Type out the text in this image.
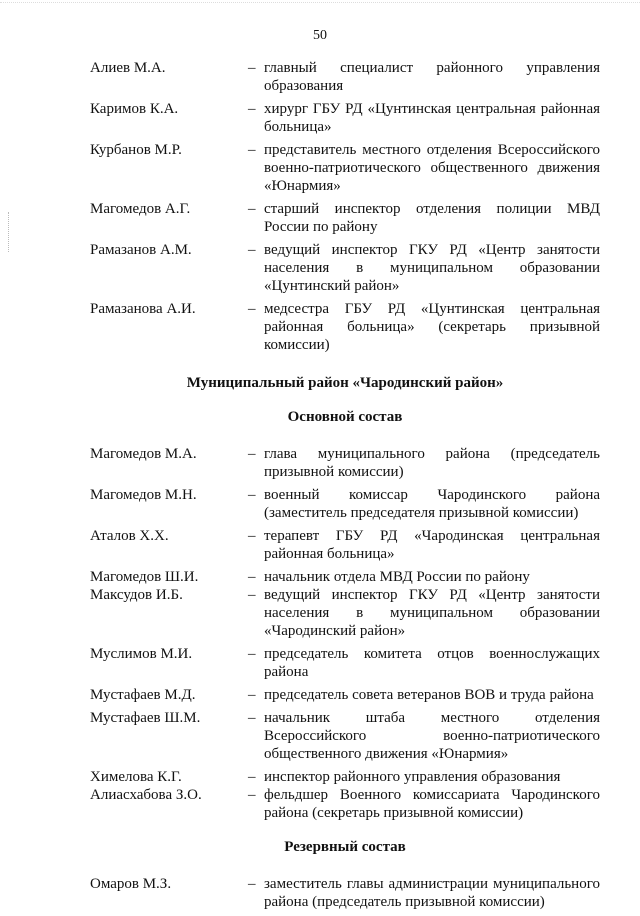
50
Алиев М.А.	– главный специалист районного управления образования
Каримов К.А.	– хирург ГБУ РД «Цунтинская центральная районная больница»
Курбанов М.Р.	– представитель местного отделения Всероссийского военно-патриотического общественного движения «Юнармия»
Магомедов А.Г.	– старший инспектор отделения полиции МВД России по району
Рамазанов А.М.	– ведущий инспектор ГКУ РД «Центр занятости населения в муниципальном образовании «Цунтинский район»
Рамазанова А.И.	– медсестра ГБУ РД «Цунтинская центральная районная больница» (секретарь призывной комиссии)
Муниципальный район «Чародинский район»
Основной состав
Магомедов М.А.	– глава муниципального района (председатель призывной комиссии)
Магомедов М.Н.	– военный комиссар Чародинского района (заместитель председателя призывной комиссии)
Аталов Х.Х.	– терапевт ГБУ РД «Чародинская центральная районная больница»
Магомедов Ш.И.	– начальник отдела МВД России по району
Максудов И.Б.	– ведущий инспектор ГКУ РД «Центр занятости населения в муниципальном образовании «Чародинский район»
Муслимов М.И.	– председатель комитета отцов военнослужащих района
Мустафаев М.Д.	– председатель совета ветеранов ВОВ и труда района
Мустафаев Ш.М.	– начальник штаба местного отделения Всероссийского военно-патриотического общественного движения «Юнармия»
Химелова К.Г.	– инспектор районного управления образования
Алиасхабова З.О.	– фельдшер Военного комиссариата Чародинского района (секретарь призывной комиссии)
Резервный состав
Омаров М.З.	– заместитель главы администрации муниципального района (председатель призывной комиссии)
